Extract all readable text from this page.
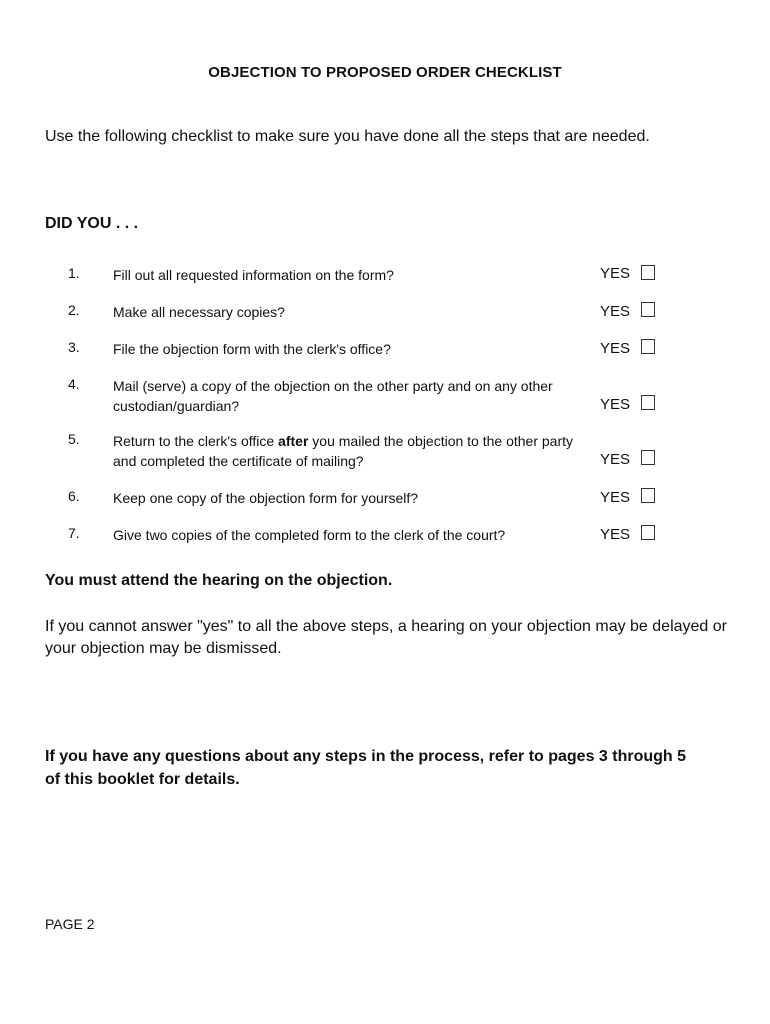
OBJECTION TO PROPOSED ORDER CHECKLIST
Use the following checklist to make sure you have done all the steps that are needed.
DID YOU . . .
1. Fill out all requested information on the form?	YES
2. Make all necessary copies?	YES
3. File the objection form with the clerk's office?	YES
4. Mail (serve) a copy of the objection on the other party and on any other custodian/guardian?	YES
5. Return to the clerk's office after you mailed the objection to the other party and completed the certificate of mailing?	YES
6. Keep one copy of the objection form for yourself?	YES
7. Give two copies of the completed form to the clerk of the court?	YES
You must attend the hearing on the objection.
If you cannot answer "yes" to all the above steps, a hearing on your objection may be delayed or your objection may be dismissed.
If you have any questions about any steps in the process, refer to pages 3 through 5 of this booklet for details.
PAGE 2
